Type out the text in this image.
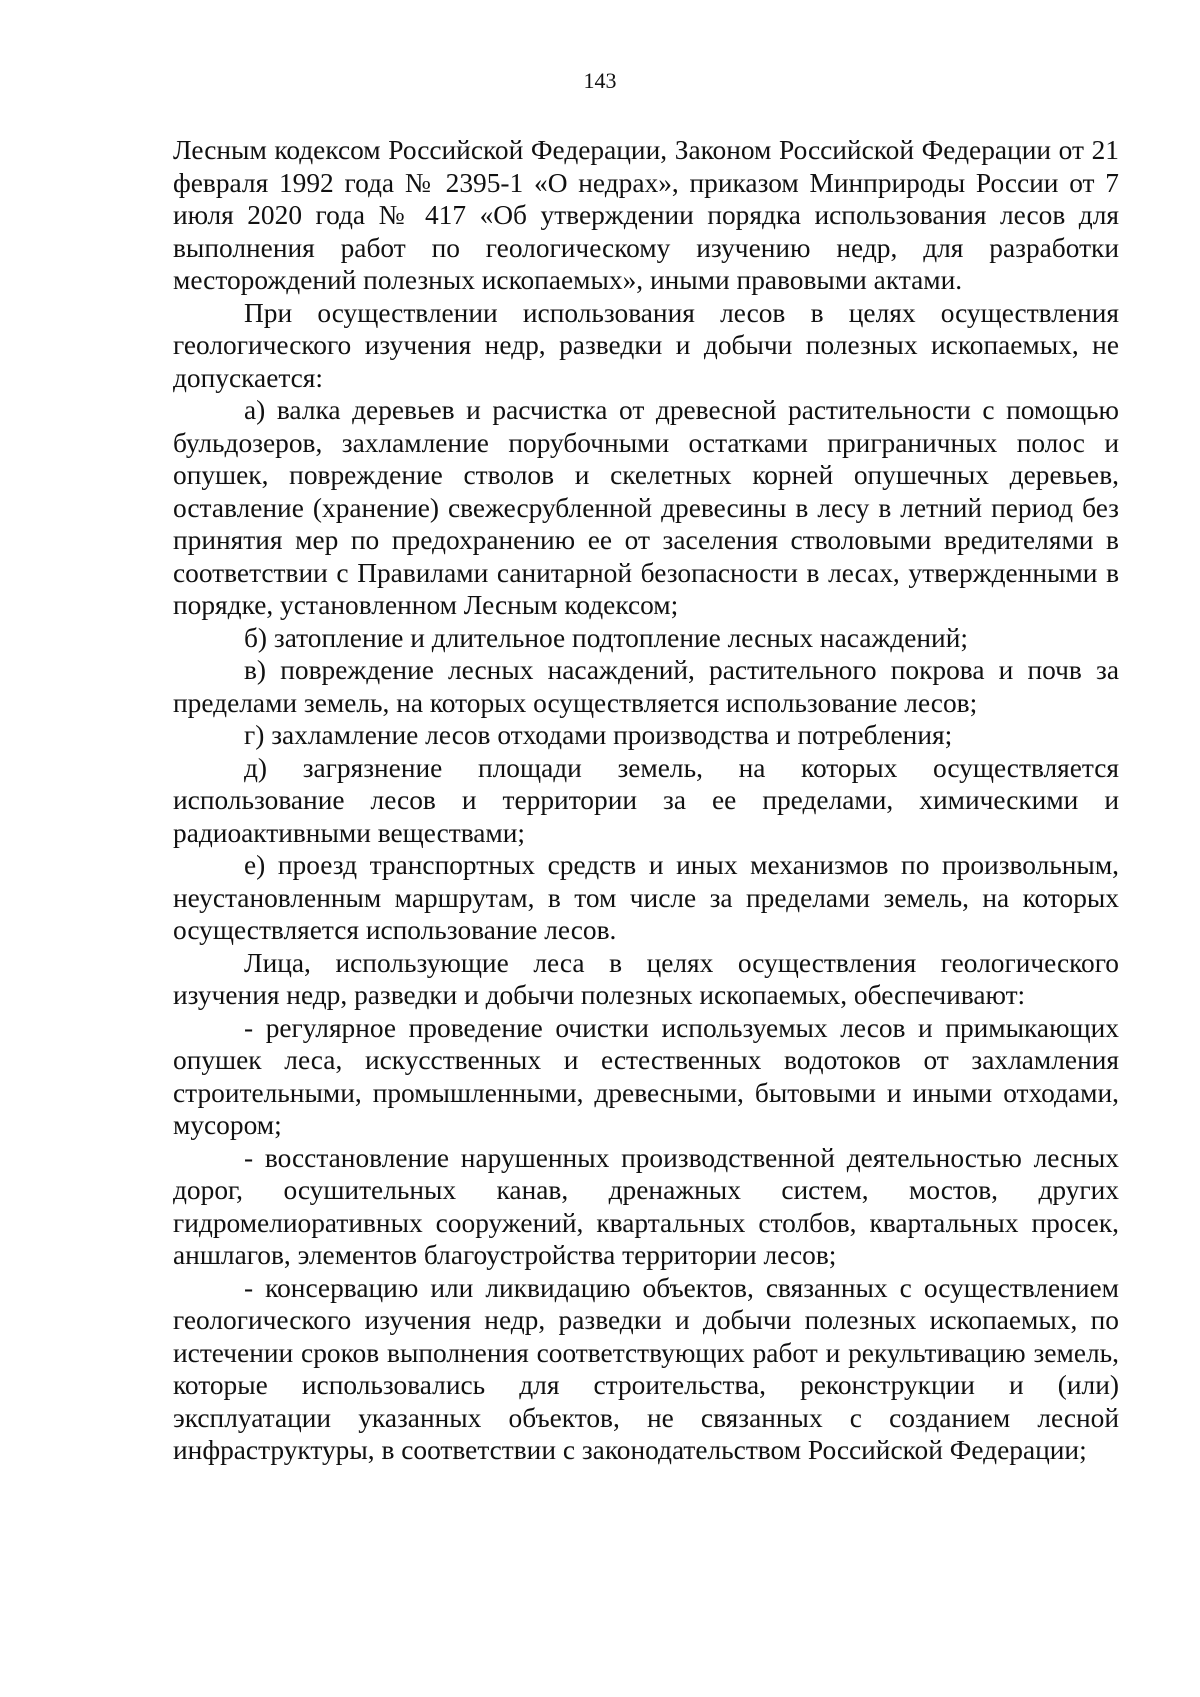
143

Лесным кодексом Российской Федерации, Законом Российской Федерации от 21 февраля 1992 года № 2395-1 «О недрах», приказом Минприроды России от 7 июля 2020 года № 417 «Об утверждении порядка использования лесов для выполнения работ по геологическому изучению недр, для разработки месторождений полезных ископаемых», иными правовыми актами.

При осуществлении использования лесов в целях осуществления геологического изучения недр, разведки и добычи полезных ископаемых, не допускается:

а) валка деревьев и расчистка от древесной растительности с помощью бульдозеров, захламление порубочными остатками приграничных полос и опушек, повреждение стволов и скелетных корней опушечных деревьев, оставление (хранение) свежесрубленной древесины в лесу в летний период без принятия мер по предохранению ее от заселения стволовыми вредителями в соответствии с Правилами санитарной безопасности в лесах, утвержденными в порядке, установленном Лесным кодексом;

б) затопление и длительное подтопление лесных насаждений;

в) повреждение лесных насаждений, растительного покрова и почв за пределами земель, на которых осуществляется использование лесов;

г) захламление лесов отходами производства и потребления;

д) загрязнение площади земель, на которых осуществляется использование лесов и территории за ее пределами, химическими и радиоактивными веществами;

е) проезд транспортных средств и иных механизмов по произвольным, неустановленным маршрутам, в том числе за пределами земель, на которых осуществляется использование лесов.

Лица, использующие леса в целях осуществления геологического изучения недр, разведки и добычи полезных ископаемых, обеспечивают:

- регулярное проведение очистки используемых лесов и примыкающих опушек леса, искусственных и естественных водотоков от захламления строительными, промышленными, древесными, бытовыми и иными отходами, мусором;

- восстановление нарушенных производственной деятельностью лесных дорог, осушительных канав, дренажных систем, мостов, других гидромелиоративных сооружений, квартальных столбов, квартальных просек, аншлагов, элементов благоустройства территории лесов;

- консервацию или ликвидацию объектов, связанных с осуществлением геологического изучения недр, разведки и добычи полезных ископаемых, по истечении сроков выполнения соответствующих работ и рекультивацию земель, которые использовались для строительства, реконструкции и (или) эксплуатации указанных объектов, не связанных с созданием лесной инфраструктуры, в соответствии с законодательством Российской Федерации;
